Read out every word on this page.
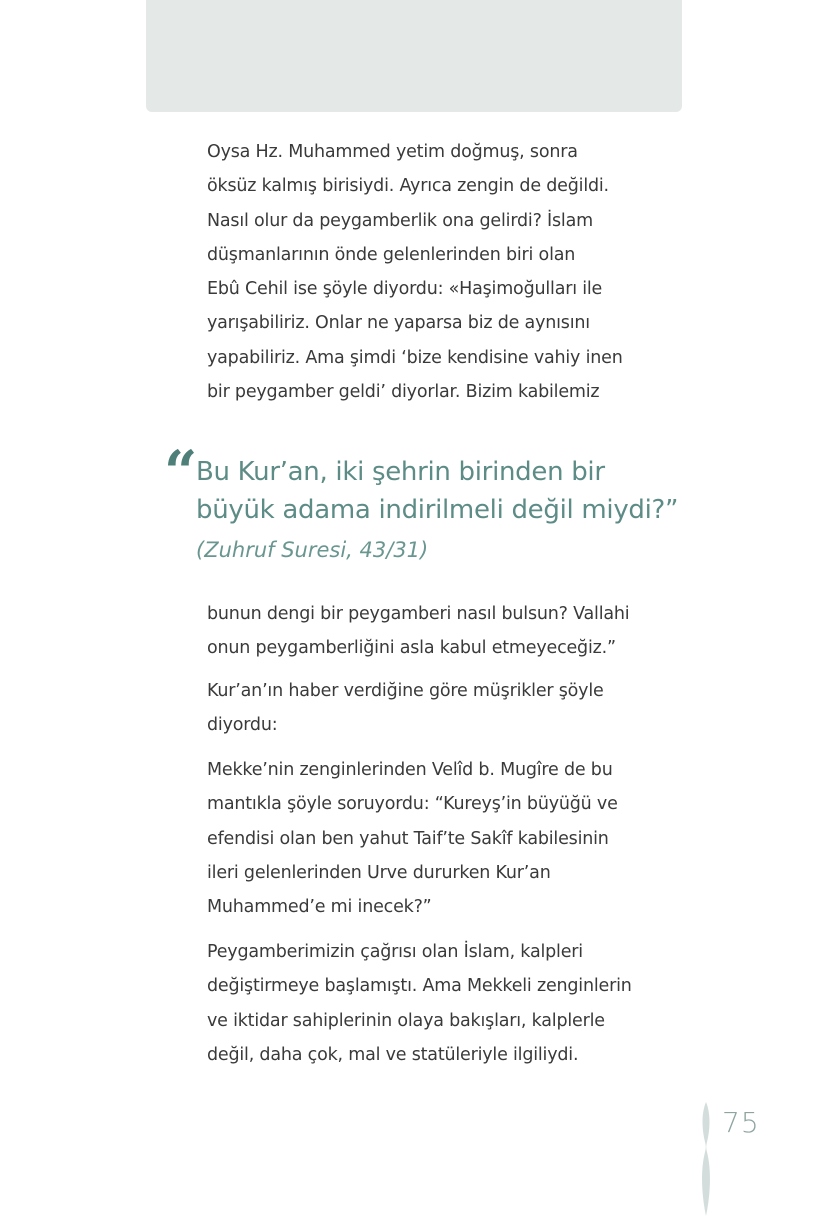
Oysa Hz. Muhammed yetim doğmuş, sonra
öksüz kalmış birisiydi. Ayrıca zengin de değildi.
Nasıl olur da peygamberlik ona gelirdi? İslam
düşmanlarının önde gelenlerinden biri olan
Ebû Cehil ise şöyle diyordu: «Haşimoğulları ile
yarışabiliriz. Onlar ne yaparsa biz de aynısını
yapabiliriz. Ama şimdi ‘bize kendisine vahiy inen
bir peygamber geldi’ diyorlar. Bizim kabilemiz
“
Bu Kur’an, iki şehrin birinden bir
büyük adama indirilmeli değil miydi?”
(Zuhruf Suresi, 43/31)
bunun dengi bir peygamberi nasıl bulsun? Vallahi
onun peygamberliğini asla kabul etmeyeceğiz.”
Kur’an’ın haber verdiğine göre müşrikler şöyle
diyordu:
Mekke’nin zenginlerinden Velîd b. Mugîre de bu
mantıkla şöyle soruyordu: “Kureyş’in büyüğü ve
efendisi olan ben yahut Taif’te Sakîf kabilesinin
ileri gelenlerinden Urve dururken Kur’an
Muhammed’e mi inecek?”
Peygamberimizin çağrısı olan İslam, kalpleri
değiştirmeye başlamıştı. Ama Mekkeli zenginlerin
ve iktidar sahiplerinin olaya bakışları, kalplerle
değil, daha çok, mal ve statüleriyle ilgiliydi.
75
